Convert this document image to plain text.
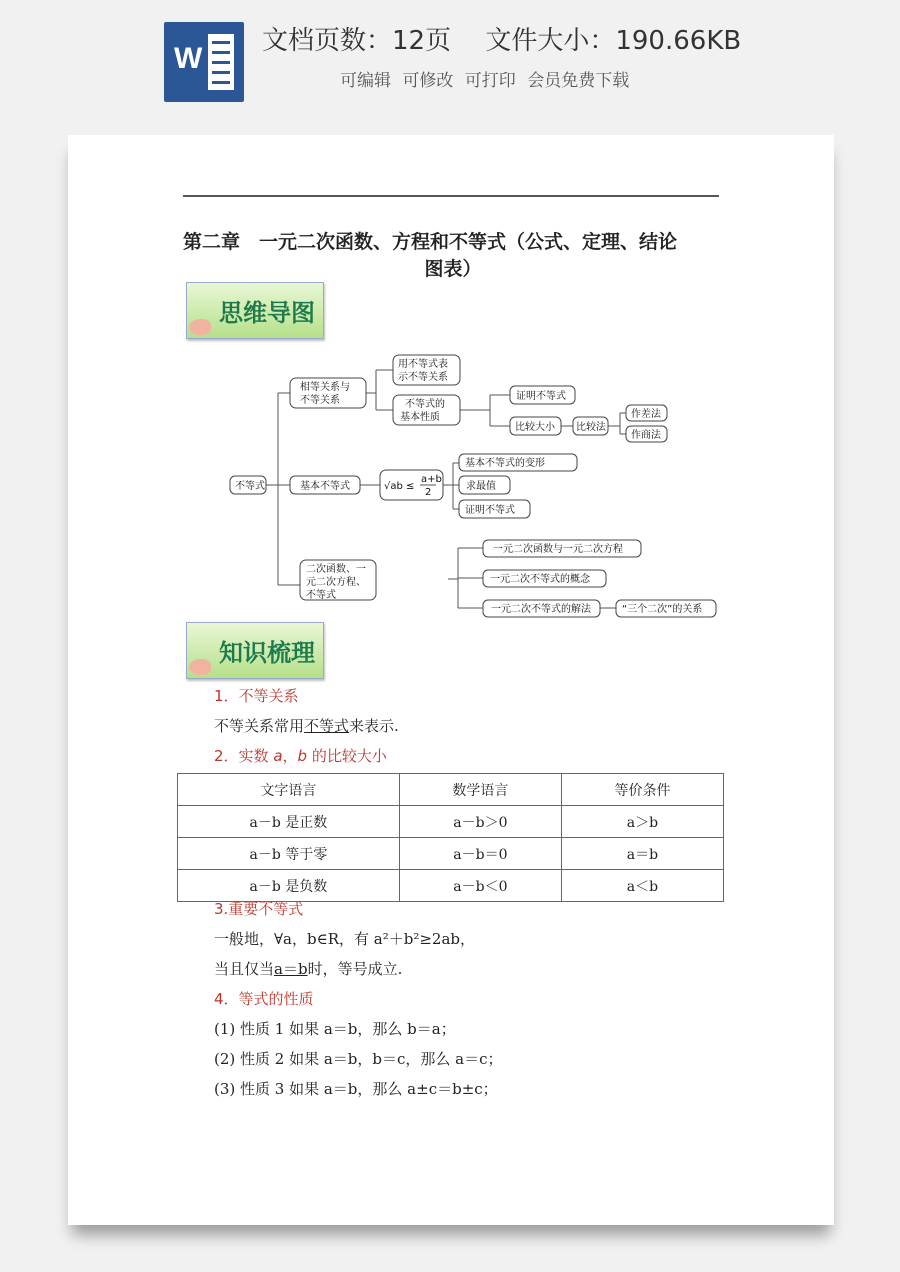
W
文档页数：12页　 文件大小：190.66KB
可编辑 可修改 可打印 会员免费下载
第二章　一元二次函数、方程和不等式（公式、定理、结论
图表）
思维导图
不等式
相等关系与
不等关系
用不等式表
示不等关系
不等式的
基本性质
证明不等式
比较大小 比较法
作差法
作商法
基本不等式	√ab ≤
a+b
2
基本不等式的变形
求最值
证明不等式
二次函数、一
元二次方程、
不等式
一元二次函数与一元二次方程
一元二次不等式的概念
一元二次不等式的解法	“三个二次”的关系
知识梳理
1．不等关系
不等关系常用不等式来表示.
2．实数 a，b 的比较大小
文字语言	数学语言	等价条件
a－b 是正数	a－b＞0	a＞b
a－b 等于零	a－b＝0	a＝b
a－b 是负数	a－b＜0	a＜b
3.重要不等式
一般地，∀a，b∈R，有 a²＋b²≥2ab，
当且仅当a＝b时，等号成立.
4．等式的性质
(1) 性质 1 如果 a＝b，那么 b＝a；
(2) 性质 2 如果 a＝b，b＝c，那么 a＝c；
(3) 性质 3 如果 a＝b，那么 a±c＝b±c；
